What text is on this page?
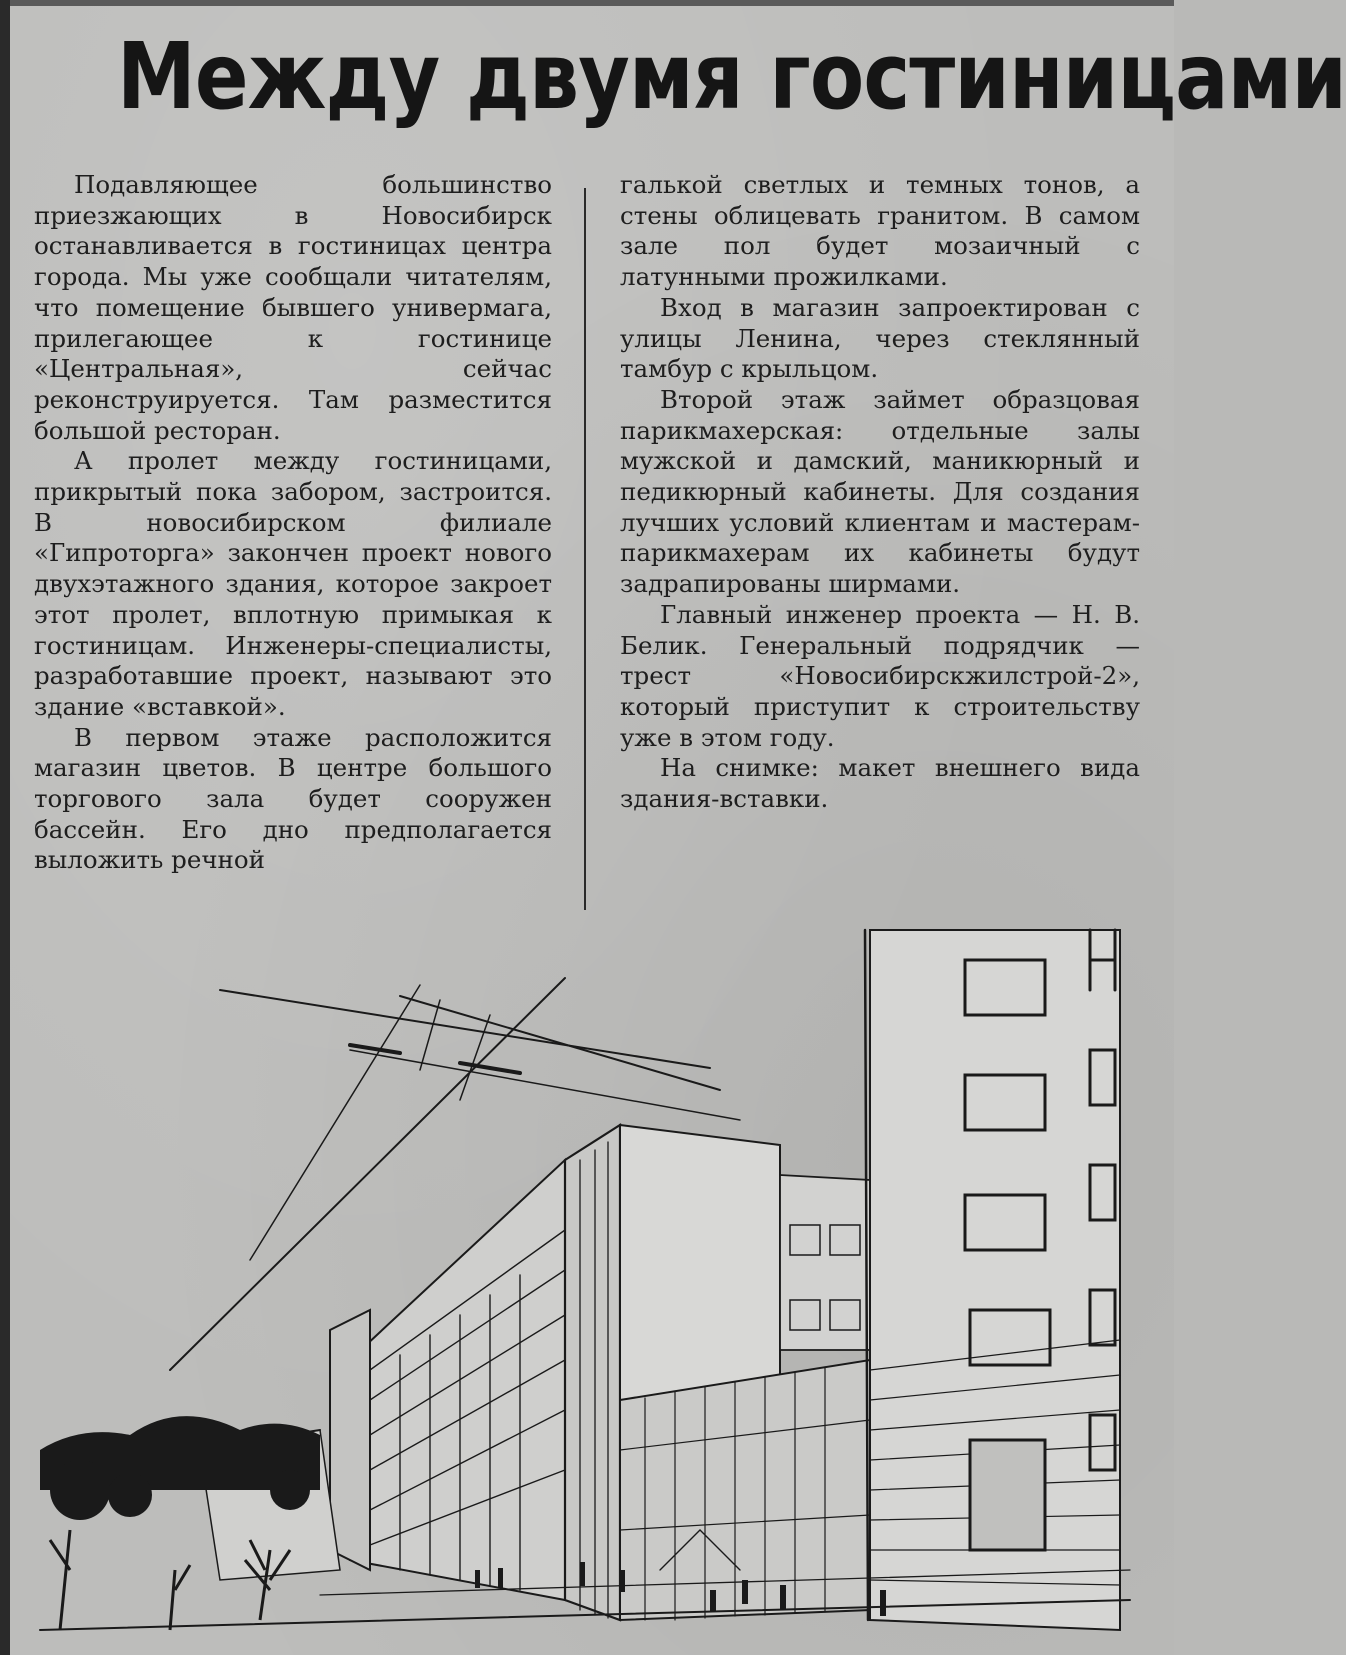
Между двумя гостиницами

Подавляющее большинство приезжающих в Новосибирск останавливается в гостиницах центра города. Мы уже сообщали читателям, что помещение бывшего универмага, прилегающее к гостинице «Центральная», сейчас реконструируется. Там разместится большой ресторан.

А пролет между гостиницами, прикрытый пока забором, застроится. В новосибирском филиале «Гипроторга» закончен проект нового двухэтажного здания, которое закроет этот пролет, вплотную примыкая к гостиницам. Инженеры-специалисты, разработавшие проект, называют это здание «вставкой».

В первом этаже расположится магазин цветов. В центре большого торгового зала будет сооружен бассейн. Его дно предполагается выложить речной

галькой светлых и темных тонов, а стены облицевать гранитом. В самом зале пол будет мозаичный с латунными прожилками.

Вход в магазин запроектирован с улицы Ленина, через стеклянный тамбур с крыльцом.

Второй этаж займет образцовая парикмахерская: отдельные залы мужской и дамский, маникюрный и педикюрный кабинеты. Для создания лучших условий клиентам и мастерам-парикмахерам их кабинеты будут задрапированы ширмами.

Главный инженер проекта — Н. В. Белик. Генеральный подрядчик — трест «Новосибирскжилстрой-2», который приступит к строительству уже в этом году.

На снимке: макет внешнего вида здания-вставки.
